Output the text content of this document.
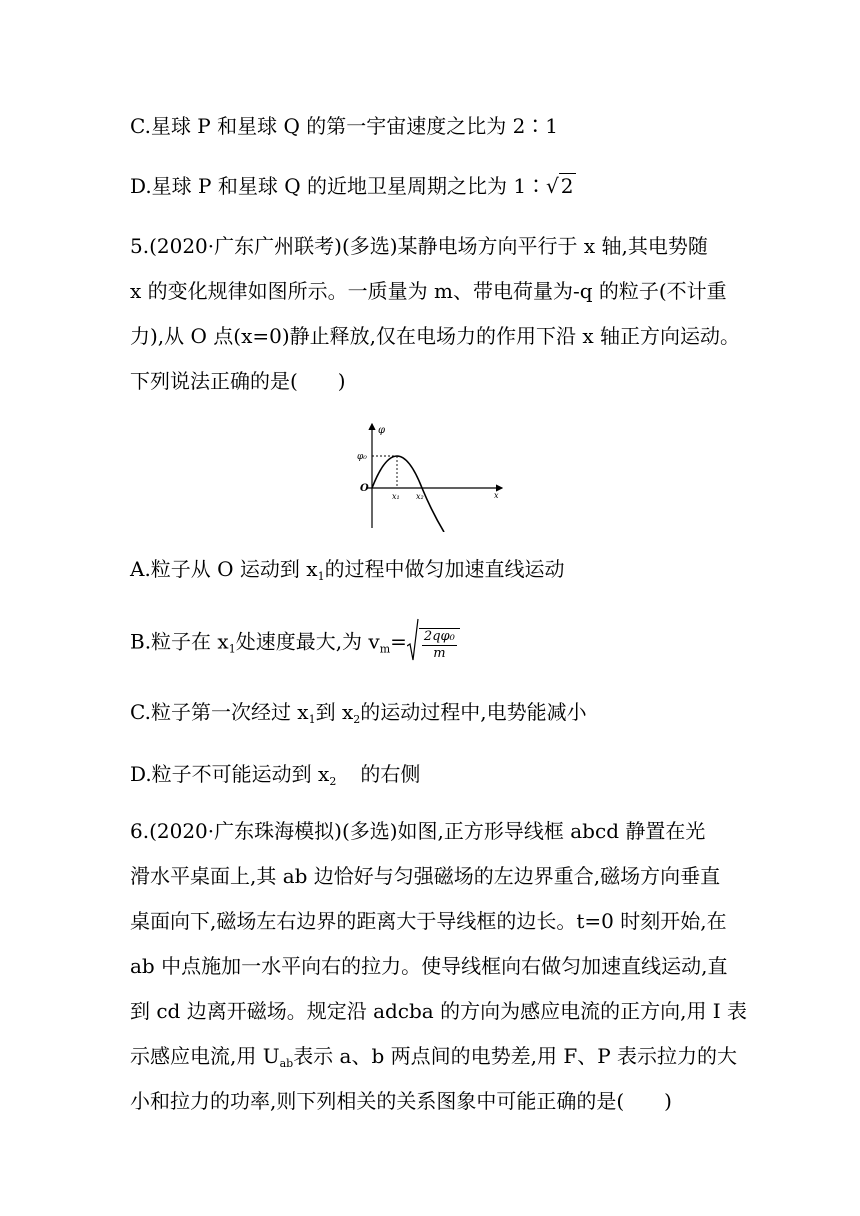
C.星球 P 和星球 Q 的第一宇宙速度之比为 2∶1
D.星球 P 和星球 Q 的近地卫星周期之比为 1∶√ 2
5.(2020·广东广州联考)(多选)某静电场方向平行于 x 轴,其电势随
x 的变化规律如图所示。一质量为 m、带电荷量为-q 的粒子(不计重
力),从 O 点(x=0)静止释放,仅在电场力的作用下沿 x 轴正方向运动。
下列说法正确的是(　　)
φ
φ₀
O
x₁ x₂	x
A.粒子从 O 运动到 $x_1$的过程中做匀加速直线运动
B.粒子在 $x_1$处速度最大,为 $v_m= \frac{\text{2qφ₀}}{m}$
C.粒子第一次经过 $x_1$到 $x_2$的运动过程中,电势能减小
D.粒子不可能运动到 $x_2$ 的右侧
6.(2020·广东珠海模拟)(多选)如图,正方形导线框 abcd 静置在光
滑水平桌面上,其 ab 边恰好与匀强磁场的左边界重合,磁场方向垂直
桌面向下,磁场左右边界的距离大于导线框的边长。t=0 时刻开始,在
ab 中点施加一水平向右的拉力。使导线框向右做匀加速直线运动,直
到 cd 边离开磁场。规定沿 adcba 的方向为感应电流的正方向,用 I 表
示感应电流,用 $U_{ab}$表示 a、b 两点间的电势差,用 F、P 表示拉力的大
小和拉力的功率,则下列相关的关系图象中可能正确的是(　　)
